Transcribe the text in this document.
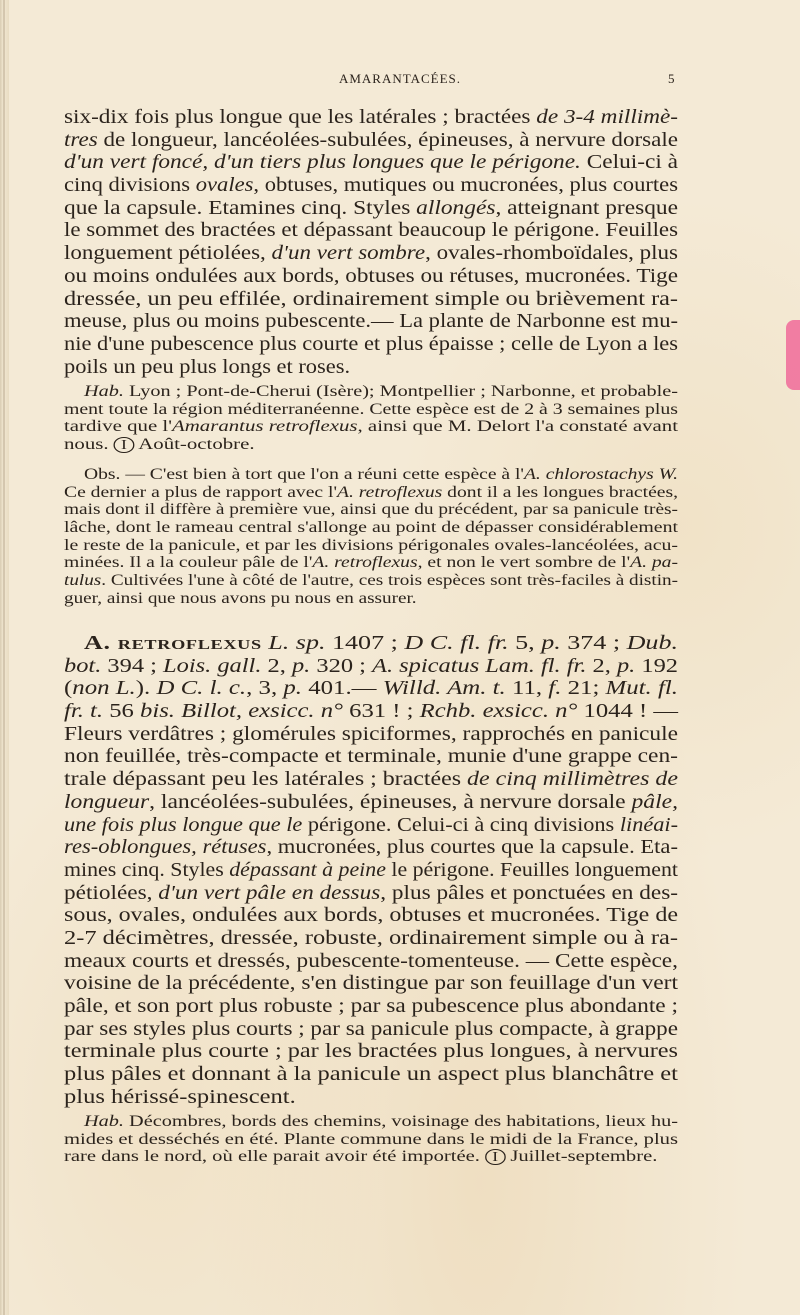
AMARANTACÉES.	5
six-dix fois plus longue que les latérales ; bractées de 3-4 millimè-
tres de longueur, lancéolées-subulées, épineuses, à nervure dorsale
d'un vert foncé, d'un tiers plus longues que le périgone. Celui-ci à
cinq divisions ovales, obtuses, mutiques ou mucronées, plus courtes
que la capsule. Etamines cinq. Styles allongés, atteignant presque
le sommet des bractées et dépassant beaucoup le périgone. Feuilles
longuement pétiolées, d'un vert sombre, ovales-rhomboïdales, plus
ou moins ondulées aux bords, obtuses ou rétuses, mucronées. Tige
dressée, un peu effilée, ordinairement simple ou brièvement ra-
meuse, plus ou moins pubescente.— La plante de Narbonne est mu-
nie d'une pubescence plus courte et plus épaisse ; celle de Lyon a les
poils un peu plus longs et roses.
Hab. Lyon ; Pont-de-Cherui (Isère); Montpellier ; Narbonne, et probable-
ment toute la région méditerranéenne. Cette espèce est de 2 à 3 semaines plus
tardive que l'Amarantus retroflexus, ainsi que M. Delort l'a constaté avant
nous. I Août-octobre.
Obs. — C'est bien à tort que l'on a réuni cette espèce à l'A. chlorostachys W.
Ce dernier a plus de rapport avec l'A. retroflexus dont il a les longues bractées,
mais dont il diffère à première vue, ainsi que du précédent, par sa panicule très-
lâche, dont le rameau central s'allonge au point de dépasser considérablement
le reste de la panicule, et par les divisions périgonales ovales-lancéolées, acu-
minées. Il a la couleur pâle de l'A. retroflexus, et non le vert sombre de l'A. pa-
tulus. Cultivées l'une à côté de l'autre, ces trois espèces sont très-faciles à distin-
guer, ainsi que nous avons pu nous en assurer.
A. retroflexus L. sp. 1407 ; D C. fl. fr. 5, p. 374 ; Dub.
bot. 394 ; Lois. gall. 2, p. 320 ; A. spicatus Lam. fl. fr. 2, p. 192
(non L.). D C. l. c., 3, p. 401.— Willd. Am. t. 11, f. 21; Mut. fl.
fr. t. 56 bis. Billot, exsicc. n° 631 ! ; Rchb. exsicc. n° 1044 ! —
Fleurs verdâtres ; glomérules spiciformes, rapprochés en panicule
non feuillée, très-compacte et terminale, munie d'une grappe cen-
trale dépassant peu les latérales ; bractées de cinq millimètres de
longueur, lancéolées-subulées, épineuses, à nervure dorsale pâle,
une fois plus longue que le périgone. Celui-ci à cinq divisions linéai-
res-oblongues, rétuses, mucronées, plus courtes que la capsule. Eta-
mines cinq. Styles dépassant à peine le périgone. Feuilles longuement
pétiolées, d'un vert pâle en dessus, plus pâles et ponctuées en des-
sous, ovales, ondulées aux bords, obtuses et mucronées. Tige de
2-7 décimètres, dressée, robuste, ordinairement simple ou à ra-
meaux courts et dressés, pubescente-tomenteuse. — Cette espèce,
voisine de la précédente, s'en distingue par son feuillage d'un vert
pâle, et son port plus robuste ; par sa pubescence plus abondante ;
par ses styles plus courts ; par sa panicule plus compacte, à grappe
terminale plus courte ; par les bractées plus longues, à nervures
plus pâles et donnant à la panicule un aspect plus blanchâtre et
plus hérissé-spinescent.
Hab. Décombres, bords des chemins, voisinage des habitations, lieux hu-
mides et desséchés en été. Plante commune dans le midi de la France, plus
rare dans le nord, où elle parait avoir été importée. I Juillet-septembre.
